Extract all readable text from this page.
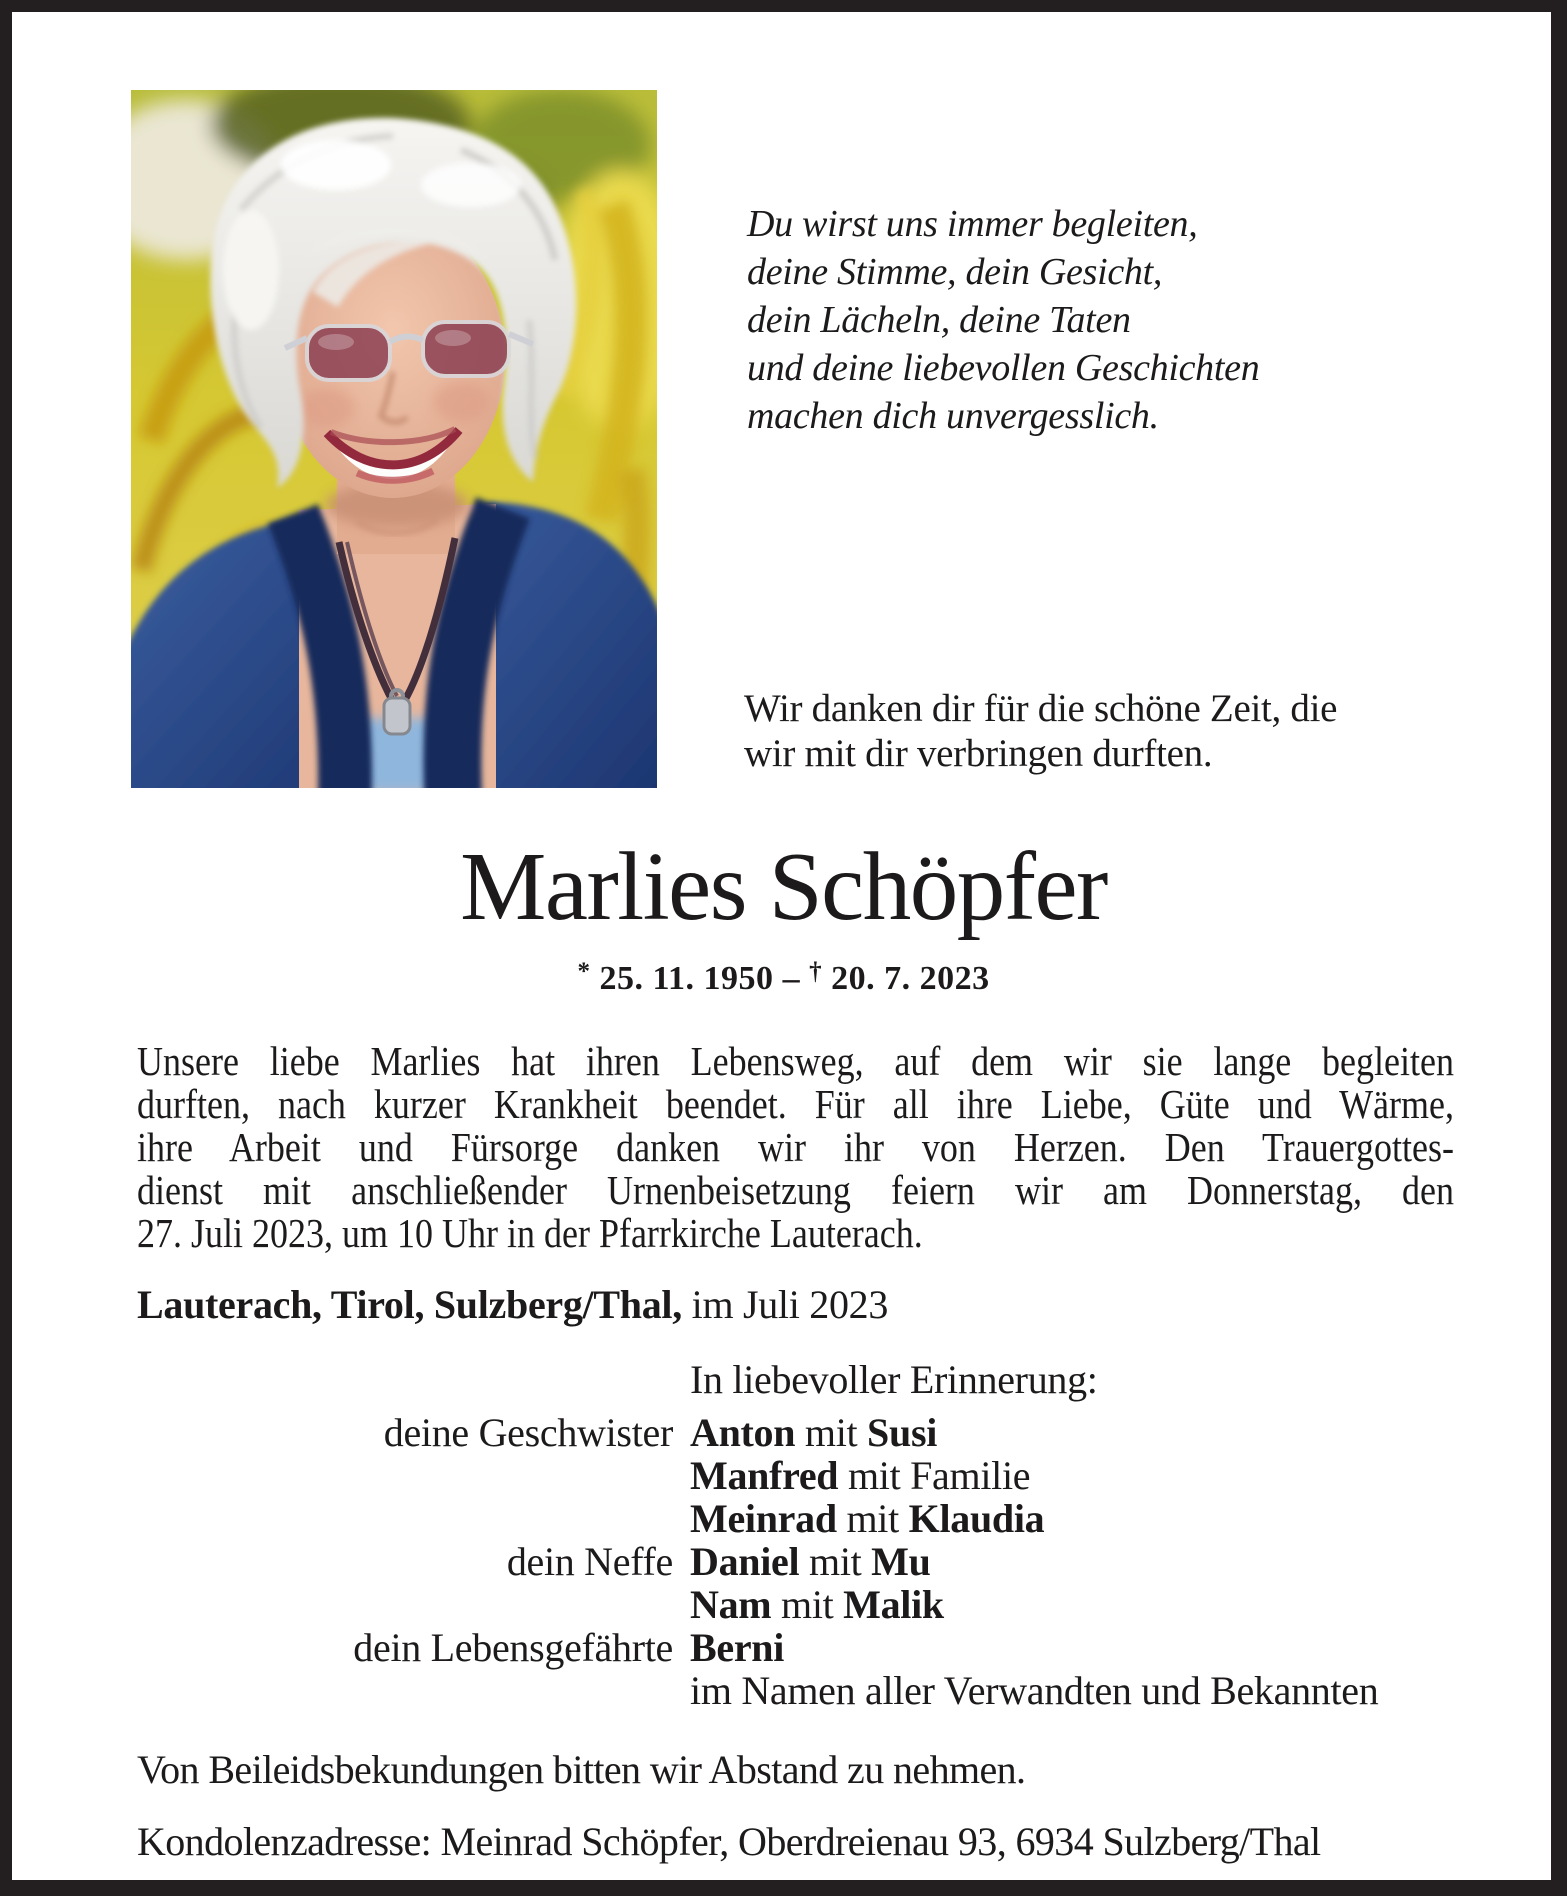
Du wirst uns immer begleiten,
deine Stimme, dein Gesicht,
dein Lächeln, deine Taten
und deine liebevollen Geschichten
machen dich unvergesslich.
Wir danken dir für die schöne Zeit, die
wir mit dir verbringen durften.
Marlies Schöpfer
* 25. 11. 1950 – † 20. 7. 2023
Unsere liebe Marlies hat ihren Lebensweg, auf dem wir sie lange begleiten
durften, nach kurzer Krankheit beendet. Für all ihre Liebe, Güte und Wärme,
ihre Arbeit und Fürsorge danken wir ihr von Herzen. Den Trauergottes-
dienst mit anschließender Urnenbeisetzung feiern wir am Donnerstag, den
27. Juli 2023, um 10 Uhr in der Pfarrkirche Lauterach.
Lauterach, Tirol, Sulzberg/Thal, im Juli 2023
In liebevoller Erinnerung:
deine Geschwister Anton mit Susi
Manfred mit Familie
Meinrad mit Klaudia
dein Neffe Daniel mit Mu
Nam mit Malik
dein Lebensgefährte Berni
im Namen aller Verwandten und Bekannten
Von Beileidsbekundungen bitten wir Abstand zu nehmen.
Kondolenzadresse: Meinrad Schöpfer, Oberdreienau 93, 6934 Sulzberg/Thal
